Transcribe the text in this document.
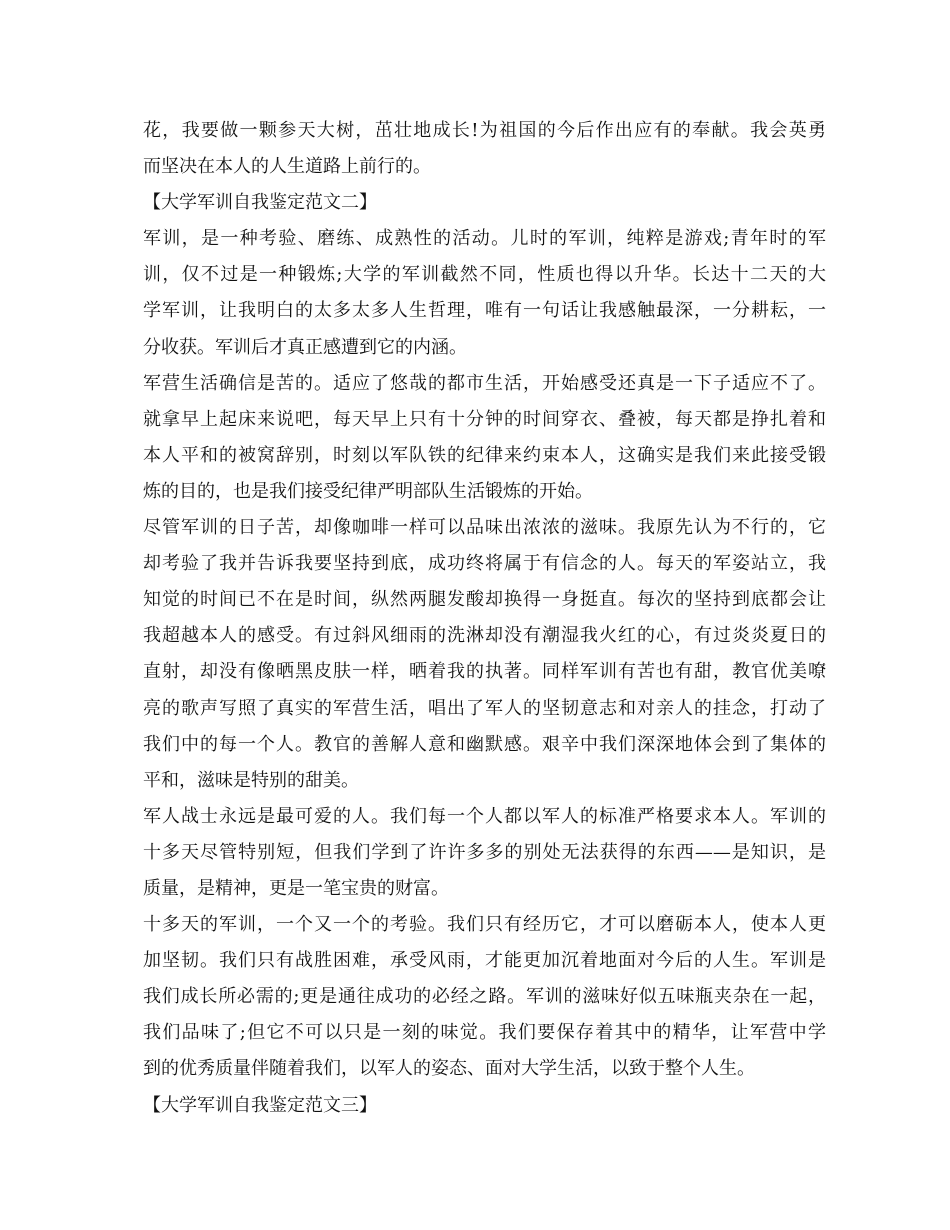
花，我要做一颗参天大树，茁壮地成长!为祖国的今后作出应有的奉献。我会英勇
而坚决在本人的人生道路上前行的。
【大学军训自我鉴定范文二】
军训，是一种考验、磨练、成熟性的活动。儿时的军训，纯粹是游戏;青年时的军
训，仅不过是一种锻炼;大学的军训截然不同，性质也得以升华。长达十二天的大
学军训，让我明白的太多太多人生哲理，唯有一句话让我感触最深，一分耕耘，一
分收获。军训后才真正感遭到它的内涵。
军营生活确信是苦的。适应了悠哉的都市生活，开始感受还真是一下子适应不了。
就拿早上起床来说吧，每天早上只有十分钟的时间穿衣、叠被，每天都是挣扎着和
本人平和的被窝辞别，时刻以军队铁的纪律来约束本人，这确实是我们来此接受锻
炼的目的，也是我们接受纪律严明部队生活锻炼的开始。
尽管军训的日子苦，却像咖啡一样可以品味出浓浓的滋味。我原先认为不行的，它
却考验了我并告诉我要坚持到底，成功终将属于有信念的人。每天的军姿站立，我
知觉的时间已不在是时间，纵然两腿发酸却换得一身挺直。每次的坚持到底都会让
我超越本人的感受。有过斜风细雨的洗淋却没有潮湿我火红的心，有过炎炎夏日的
直射，却没有像晒黑皮肤一样，晒着我的执著。同样军训有苦也有甜，教官优美嘹
亮的歌声写照了真实的军营生活，唱出了军人的坚韧意志和对亲人的挂念，打动了
我们中的每一个人。教官的善解人意和幽默感。艰辛中我们深深地体会到了集体的
平和，滋味是特别的甜美。
军人战士永远是最可爱的人。我们每一个人都以军人的标准严格要求本人。军训的
十多天尽管特别短，但我们学到了许许多多的别处无法获得的东西——是知识，是
质量，是精神，更是一笔宝贵的财富。
十多天的军训，一个又一个的考验。我们只有经历它，才可以磨砺本人，使本人更
加坚韧。我们只有战胜困难，承受风雨，才能更加沉着地面对今后的人生。军训是
我们成长所必需的;更是通往成功的必经之路。军训的滋味好似五味瓶夹杂在一起，
我们品味了;但它不可以只是一刻的味觉。我们要保存着其中的精华，让军营中学
到的优秀质量伴随着我们，以军人的姿态、面对大学生活，以致于整个人生。
【大学军训自我鉴定范文三】
